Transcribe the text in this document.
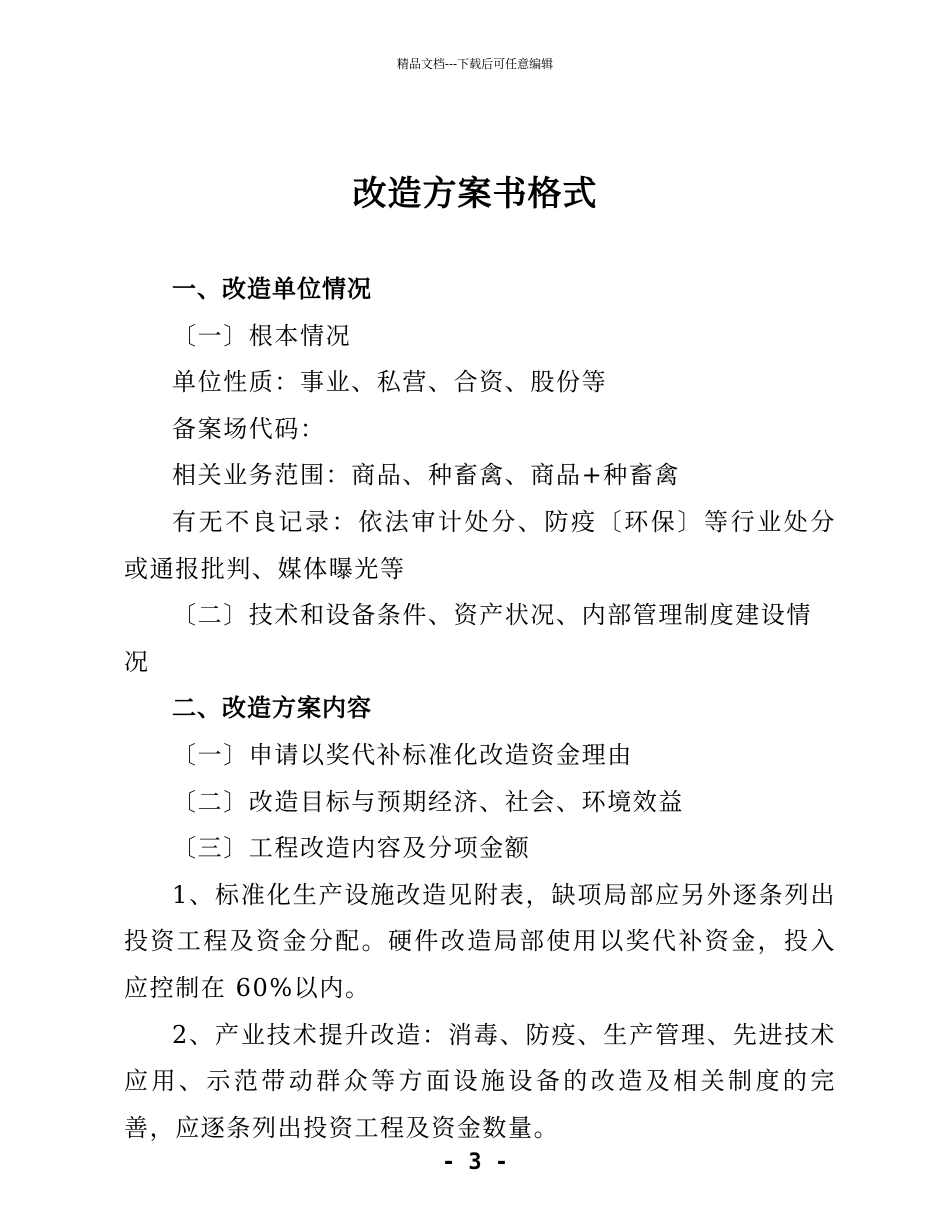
精品文档---下载后可任意编辑
改造方案书格式

一、改造单位情况

〔一〕根本情况

单位性质：事业、私营、合资、股份等

备案场代码：

相关业务范围：商品、种畜禽、商品+种畜禽

有无不良记录：依法审计处分、防疫〔环保〕等行业处分或通报批判、媒体曝光等

〔二〕技术和设备条件、资产状况、内部管理制度建设情况

二、改造方案内容

〔一〕申请以奖代补标准化改造资金理由

〔二〕改造目标与预期经济、社会、环境效益

〔三〕工程改造内容及分项金额

1、标准化生产设施改造见附表，缺项局部应另外逐条列出投资工程及资金分配。硬件改造局部使用以奖代补资金，投入应控制在 60%以内。

2、产业技术提升改造：消毒、防疫、生产管理、先进技术应用、示范带动群众等方面设施设备的改造及相关制度的完善，应逐条列出投资工程及资金数量。

- 3 -
